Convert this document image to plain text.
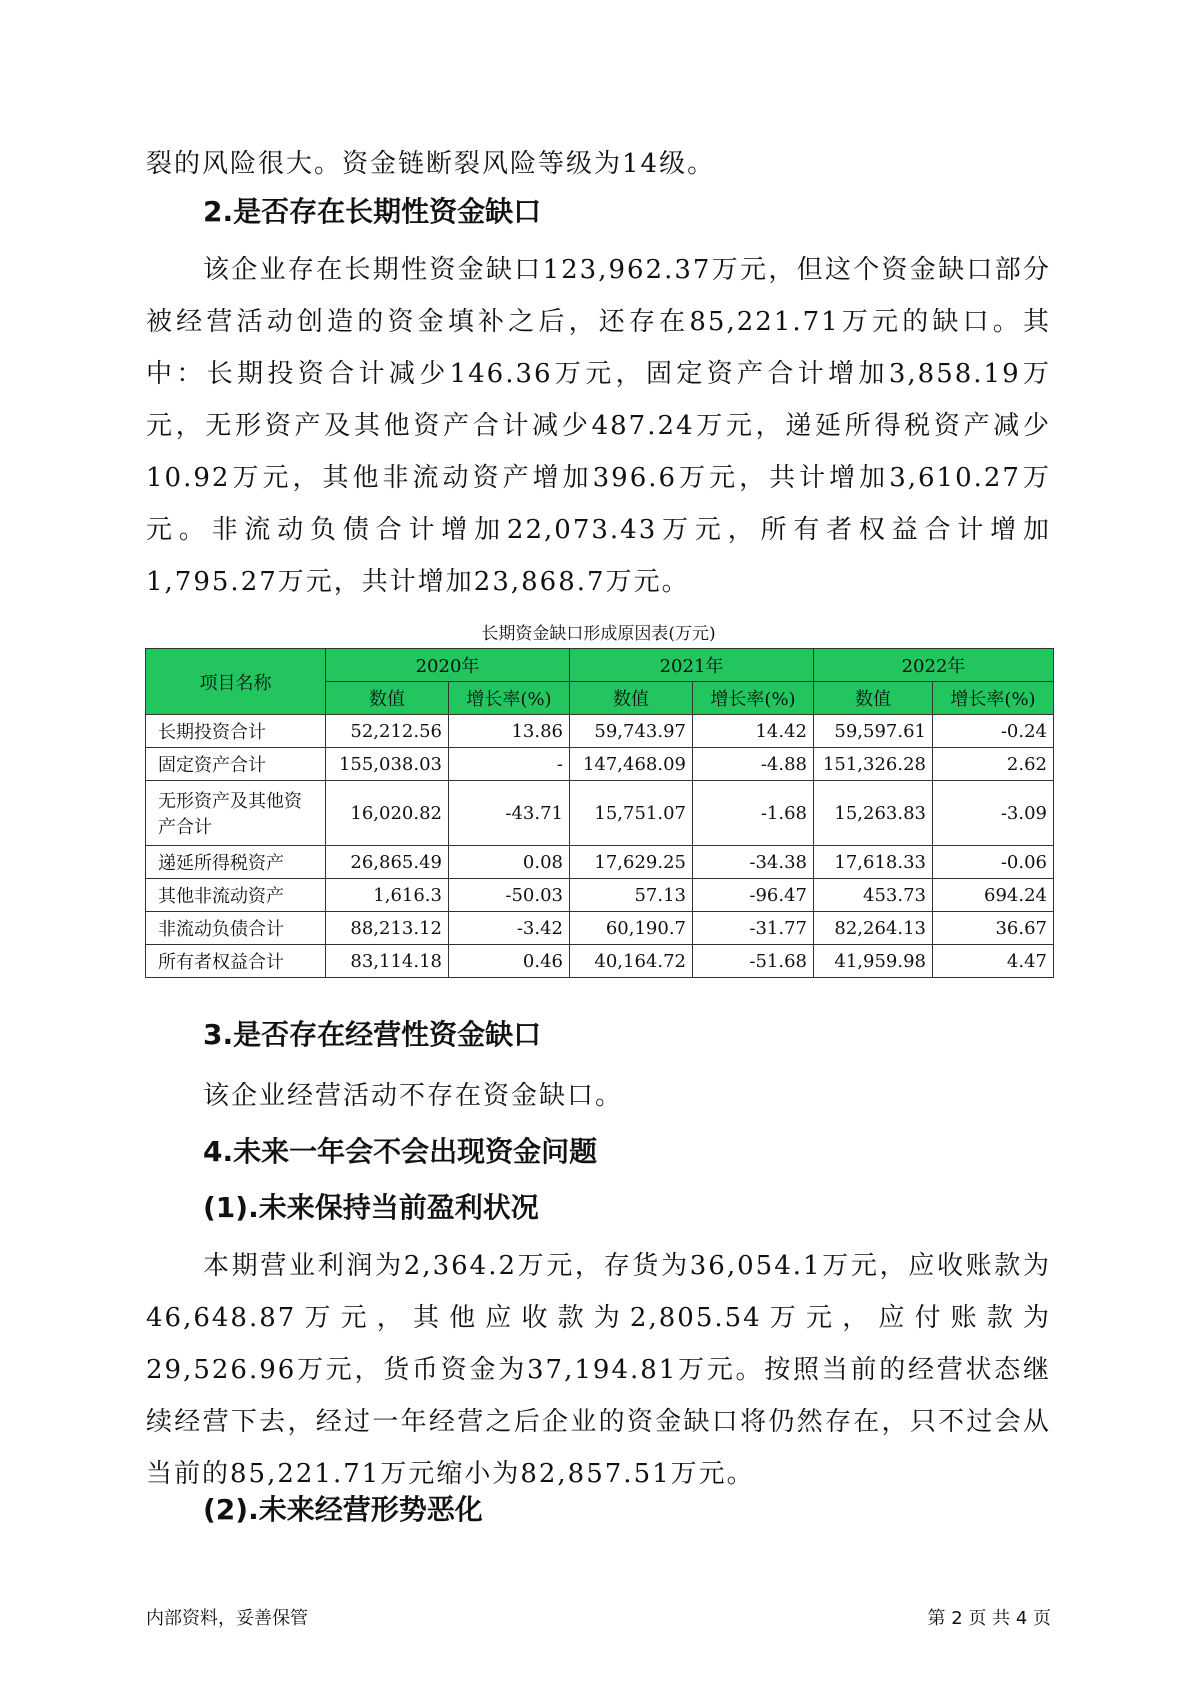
裂的风险很大。资金链断裂风险等级为14级。

2.是否存在长期性资金缺口

该企业存在长期性资金缺口123,962.37万元，但这个资金缺口部分被经营活动创造的资金填补之后，还存在85,221.71万元的缺口。其中：长期投资合计减少146.36万元，固定资产合计增加3,858.19万元，无形资产及其他资产合计减少487.24万元，递延所得税资产减少10.92万元，其他非流动资产增加396.6万元，共计增加3,610.27万元。非流动负债合计增加22,073.43万元，所有者权益合计增加1,795.27万元，共计增加23,868.7万元。

长期资金缺口形成原因表(万元)
项目名称	2020年		2021年		2022年	
	数值	增长率(%)	数值	增长率(%)	数值	增长率(%)
长期投资合计	52,212.56	13.86	59,743.97	14.42	59,597.61	-0.24
固定资产合计	155,038.03	-	147,468.09	-4.88	151,326.28	2.62
无形资产及其他资产合计	16,020.82	-43.71	15,751.07	-1.68	15,263.83	-3.09
递延所得税资产	26,865.49	0.08	17,629.25	-34.38	17,618.33	-0.06
其他非流动资产	1,616.3	-50.03	57.13	-96.47	453.73	694.24
非流动负债合计	88,213.12	-3.42	60,190.7	-31.77	82,264.13	36.67
所有者权益合计	83,114.18	0.46	40,164.72	-51.68	41,959.98	4.47
3.是否存在经营性资金缺口

该企业经营活动不存在资金缺口。

4.未来一年会不会出现资金问题
(1).未来保持当前盈利状况

本期营业利润为2,364.2万元，存货为36,054.1万元，应收账款为46,648.87万元，其他应收款为2,805.54万元，应付账款为29,526.96万元，货币资金为37,194.81万元。按照当前的经营状态继续经营下去，经过一年经营之后企业的资金缺口将仍然存在，只不过会从当前的85,221.71万元缩小为82,857.51万元。

(2).未来经营形势恶化
内部资料，妥善保管	第 2 页 共 4 页
